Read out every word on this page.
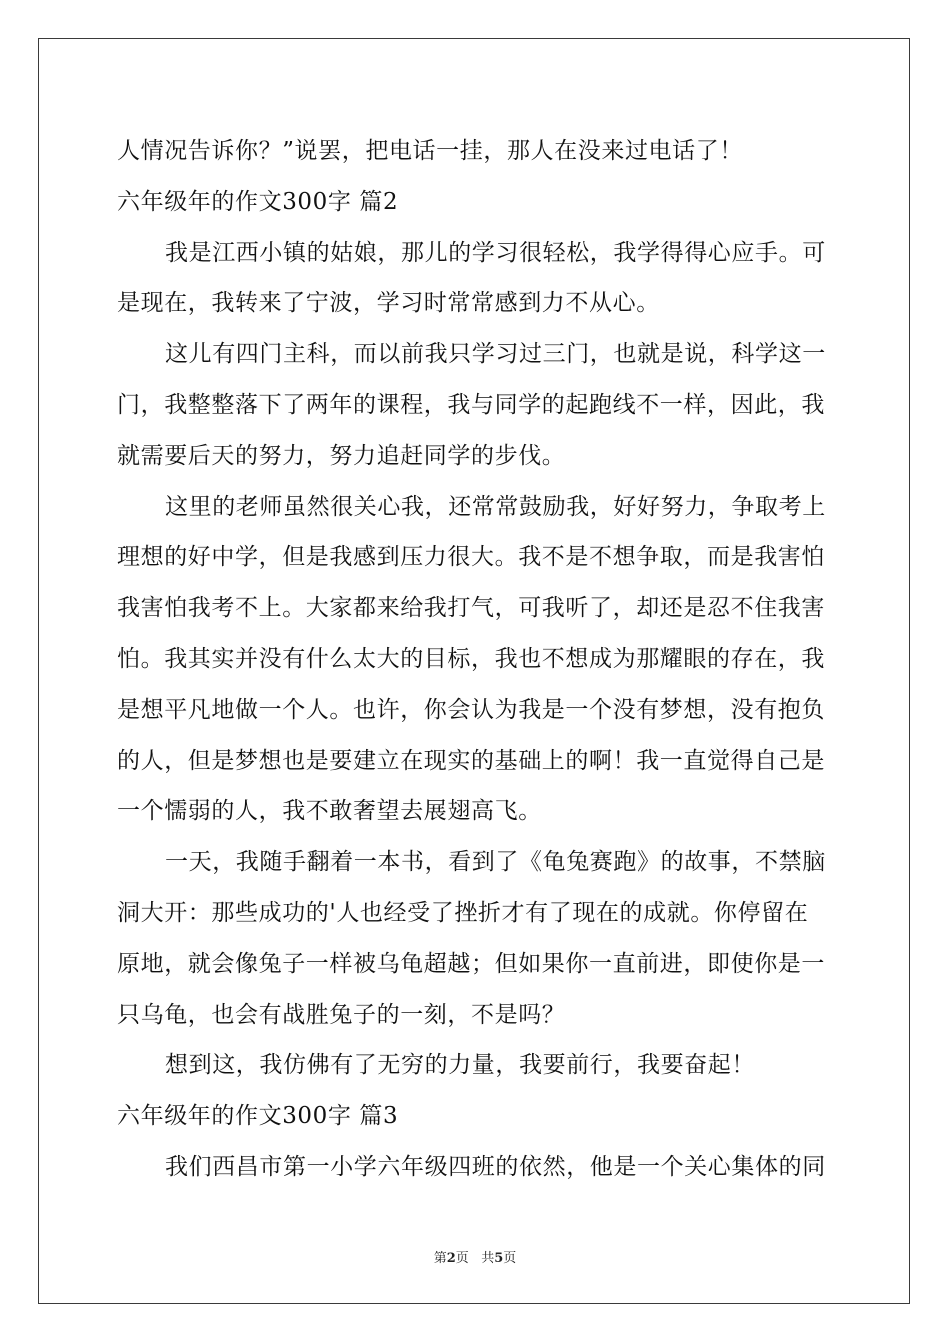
人情况告诉你？”说罢，把电话一挂，那人在没来过电话了！
六年级年的作文300字 篇2
我是江西小镇的姑娘，那儿的学习很轻松，我学得得心应手。可
是现在，我转来了宁波，学习时常常感到力不从心。
这儿有四门主科，而以前我只学习过三门，也就是说，科学这一
门，我整整落下了两年的课程，我与同学的起跑线不一样，因此，我
就需要后天的努力，努力追赶同学的步伐。
这里的老师虽然很关心我，还常常鼓励我，好好努力，争取考上
理想的好中学，但是我感到压力很大。我不是不想争取，而是我害怕
我害怕我考不上。大家都来给我打气，可我听了，却还是忍不住我害
怕。我其实并没有什么太大的目标，我也不想成为那耀眼的存在，我
是想平凡地做一个人。也许，你会认为我是一个没有梦想，没有抱负
的人，但是梦想也是要建立在现实的基础上的啊！我一直觉得自己是
一个懦弱的人，我不敢奢望去展翅高飞。
一天，我随手翻着一本书，看到了《龟兔赛跑》的故事，不禁脑
洞大开：那些成功的'人也经受了挫折才有了现在的成就。你停留在
原地，就会像兔子一样被乌龟超越；但如果你一直前进，即使你是一
只乌龟，也会有战胜兔子的一刻，不是吗？
想到这，我仿佛有了无穷的力量，我要前行，我要奋起！
六年级年的作文300字 篇3
我们西昌市第一小学六年级四班的依然，他是一个关心集体的同
第2页 共5页
